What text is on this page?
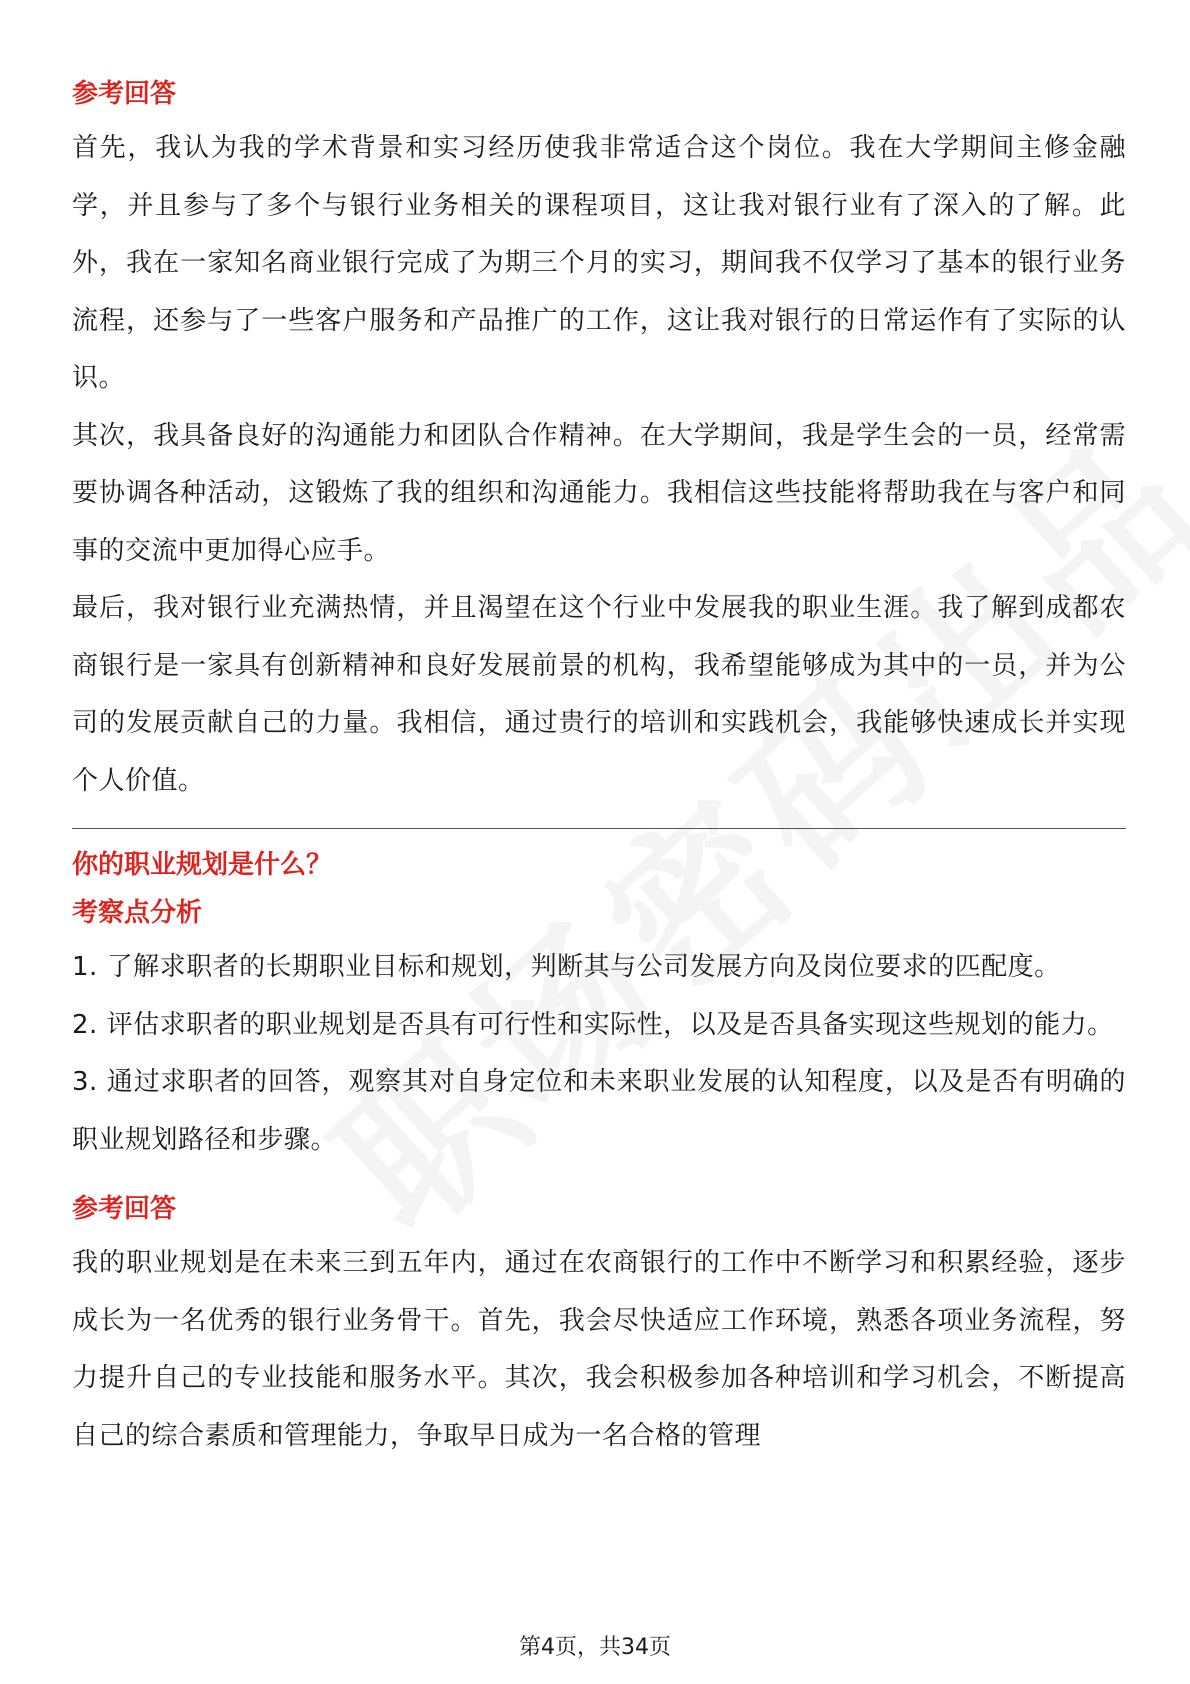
参考回答

首先，我认为我的学术背景和实习经历使我非常适合这个岗位。我在大学期间主修金融学，并且参与了多个与银行业务相关的课程项目，这让我对银行业有了深入的了解。此外，我在一家知名商业银行完成了为期三个月的实习，期间我不仅学习了基本的银行业务流程，还参与了一些客户服务和产品推广的工作，这让我对银行的日常运作有了实际的认识。

其次，我具备良好的沟通能力和团队合作精神。在大学期间，我是学生会的一员，经常需要协调各种活动，这锻炼了我的组织和沟通能力。我相信这些技能将帮助我在与客户和同事的交流中更加得心应手。

最后，我对银行业充满热情，并且渴望在这个行业中发展我的职业生涯。我了解到成都农商银行是一家具有创新精神和良好发展前景的机构，我希望能够成为其中的一员，并为公司的发展贡献自己的力量。我相信，通过贵行的培训和实践机会，我能够快速成长并实现个人价值。

你的职业规划是什么？
考察点分析

1. 了解求职者的长期职业目标和规划，判断其与公司发展方向及岗位要求的匹配度。

2. 评估求职者的职业规划是否具有可行性和实际性，以及是否具备实现这些规划的能力。

3. 通过求职者的回答，观察其对自身定位和未来职业发展的认知程度，以及是否有明确的职业规划路径和步骤。

参考回答

我的职业规划是在未来三到五年内，通过在农商银行的工作中不断学习和积累经验，逐步成长为一名优秀的银行业务骨干。首先，我会尽快适应工作环境，熟悉各项业务流程，努力提升自己的专业技能和服务水平。其次，我会积极参加各种培训和学习机会，不断提高自己的综合素质和管理能力，争取早日成为一名合格的管理

第4页，共34页
